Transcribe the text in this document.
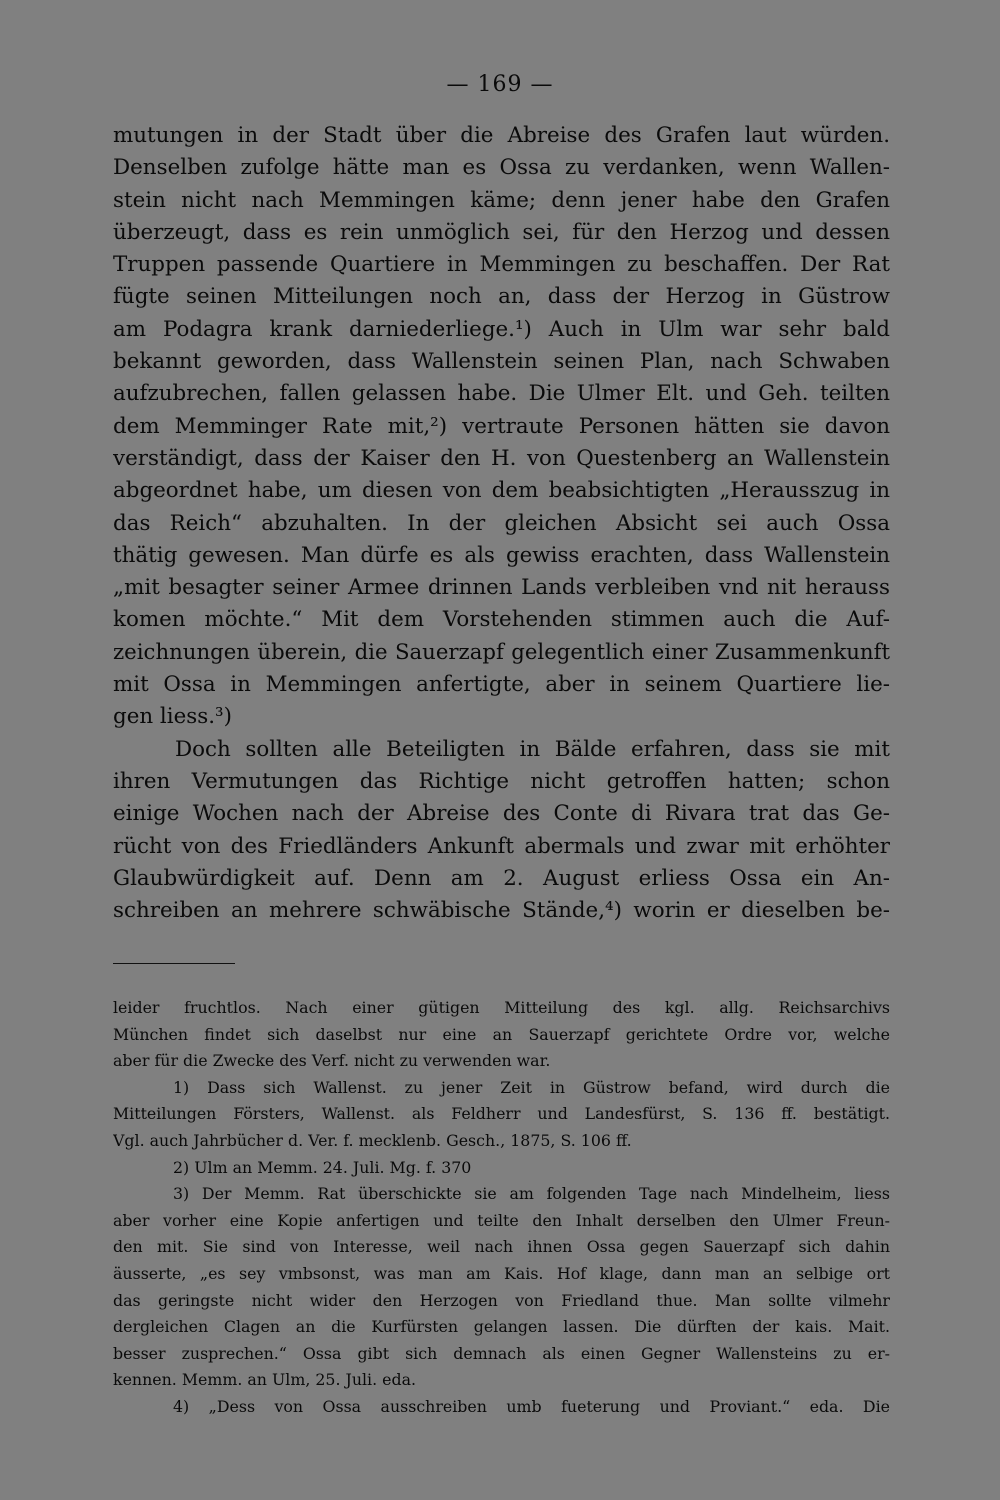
— 169 —
mutungen in der Stadt über die Abreise des Grafen laut würden.
Denselben zufolge hätte man es Ossa zu verdanken, wenn Wallen-
stein nicht nach Memmingen käme; denn jener habe den Grafen
überzeugt, dass es rein unmöglich sei, für den Herzog und dessen
Truppen passende Quartiere in Memmingen zu beschaffen. Der Rat
fügte seinen Mitteilungen noch an, dass der Herzog in Güstrow
am Podagra krank darniederliege.¹) Auch in Ulm war sehr bald
bekannt geworden, dass Wallenstein seinen Plan, nach Schwaben
aufzubrechen, fallen gelassen habe. Die Ulmer Elt. und Geh. teilten
dem Memminger Rate mit,²) vertraute Personen hätten sie davon
verständigt, dass der Kaiser den H. von Questenberg an Wallenstein
abgeordnet habe, um diesen von dem beabsichtigten „Herausszug in
das Reich“ abzuhalten. In der gleichen Absicht sei auch Ossa
thätig gewesen. Man dürfe es als gewiss erachten, dass Wallenstein
„mit besagter seiner Armee drinnen Lands verbleiben vnd nit herauss
komen möchte.“ Mit dem Vorstehenden stimmen auch die Auf-
zeichnungen überein, die Sauerzapf gelegentlich einer Zusammenkunft
mit Ossa in Memmingen anfertigte, aber in seinem Quartiere lie-
gen liess.³)
Doch sollten alle Beteiligten in Bälde erfahren, dass sie mit
ihren Vermutungen das Richtige nicht getroffen hatten; schon
einige Wochen nach der Abreise des Conte di Rivara trat das Ge-
rücht von des Friedländers Ankunft abermals und zwar mit erhöhter
Glaubwürdigkeit auf. Denn am 2. August erliess Ossa ein An-
schreiben an mehrere schwäbische Stände,⁴) worin er dieselben be-
leider fruchtlos. Nach einer gütigen Mitteilung des kgl. allg. Reichsarchivs
München findet sich daselbst nur eine an Sauerzapf gerichtete Ordre vor, welche
aber für die Zwecke des Verf. nicht zu verwenden war.
1) Dass sich Wallenst. zu jener Zeit in Güstrow befand, wird durch die
Mitteilungen Försters, Wallenst. als Feldherr und Landesfürst, S. 136 ff. bestätigt.
Vgl. auch Jahrbücher d. Ver. f. mecklenb. Gesch., 1875, S. 106 ff.
2) Ulm an Memm. 24. Juli. Mg. f. 370
3) Der Memm. Rat überschickte sie am folgenden Tage nach Mindelheim, liess
aber vorher eine Kopie anfertigen und teilte den Inhalt derselben den Ulmer Freun-
den mit. Sie sind von Interesse, weil nach ihnen Ossa gegen Sauerzapf sich dahin
äusserte, „es sey vmbsonst, was man am Kais. Hof klage, dann man an selbige ort
das geringste nicht wider den Herzogen von Friedland thue. Man sollte vilmehr
dergleichen Clagen an die Kurfürsten gelangen lassen. Die dürften der kais. Mait.
besser zusprechen.“ Ossa gibt sich demnach als einen Gegner Wallensteins zu er-
kennen. Memm. an Ulm, 25. Juli. eda.
4) „Dess von Ossa ausschreiben umb fueterung und Proviant.“ eda. Die
